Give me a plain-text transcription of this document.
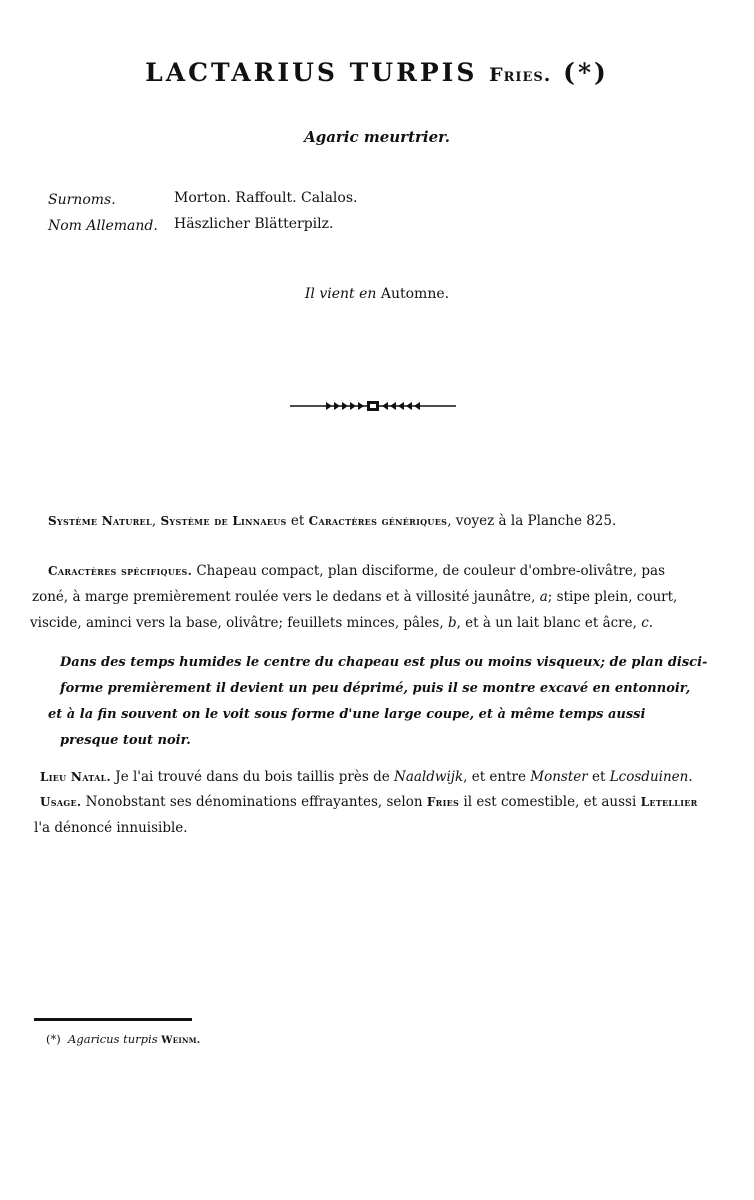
LACTARIUS TURPIS Fries. (*)
Agaric meurtrier.
Surnoms.	Morton. Raffoult. Calalos.
Nom Allemand. Häszlicher Blätterpilz.
Il vient en Automne.
Système Naturel, Système de Linnaeus et Caractères génériques, voyez à la Planche 825.
Caractères spécifiques. Chapeau compact, plan disciforme, de couleur d'ombre-olivâtre, pas
zoné, à marge premièrement roulée vers le dedans et à villosité jaunâtre, a; stipe plein, court,
viscide, aminci vers la base, olivâtre; feuillets minces, pâles, b, et à un lait blanc et âcre, c.
Dans des temps humides le centre du chapeau est plus ou moins visqueux; de plan disci-
forme premièrement il devient un peu déprimé, puis il se montre excavé en entonnoir,
et à la fin souvent on le voit sous forme d'une large coupe, et à même temps aussi
presque tout noir.
Lieu Natal. Je l'ai trouvé dans du bois taillis près de Naaldwijk, et entre Monster et Lcosduinen.
Usage. Nonobstant ses dénominations effrayantes, selon Fries il est comestible, et aussi Letellier
l'a dénoncé innuisible.
(*) Agaricus turpis Weinm.
